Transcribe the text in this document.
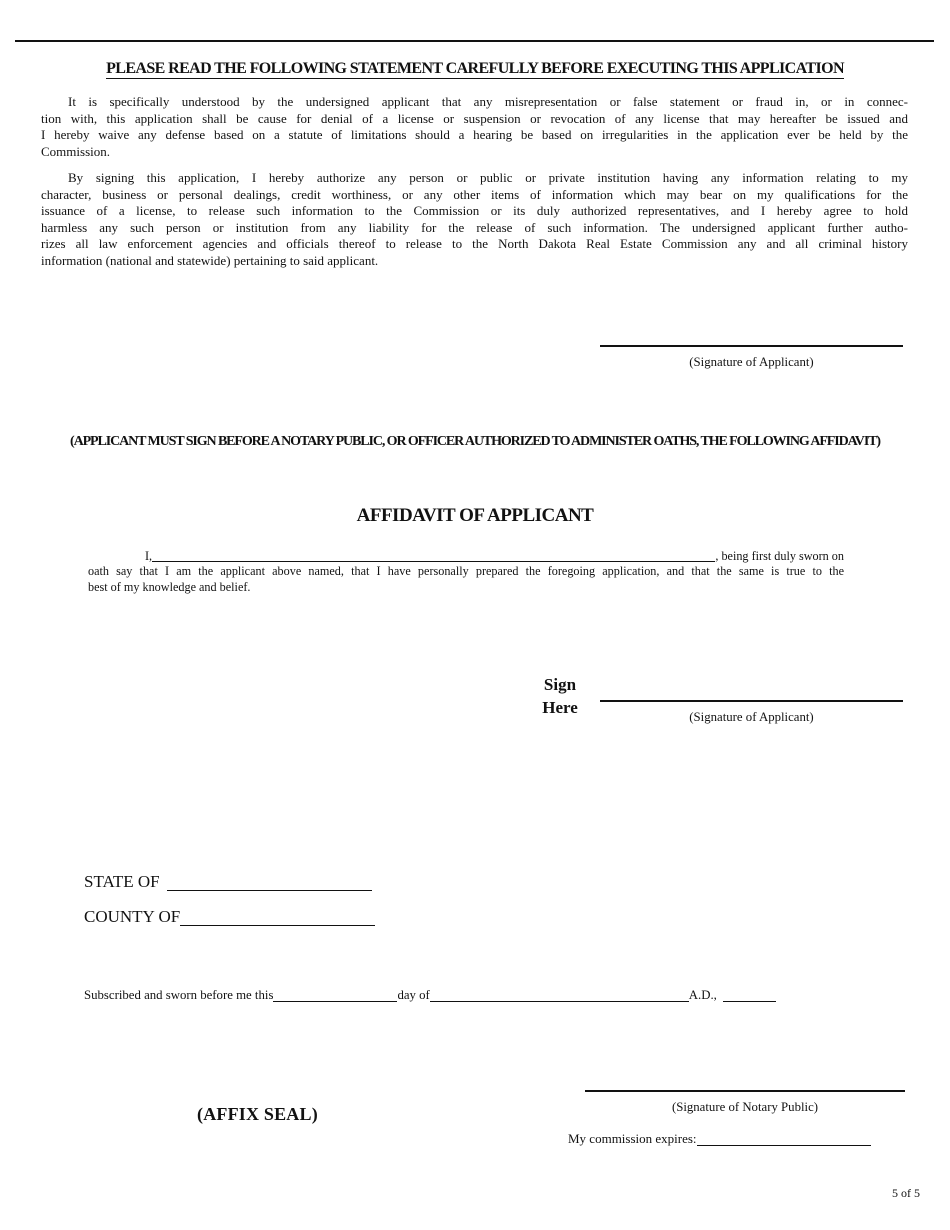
PLEASE READ THE FOLLOWING STATEMENT CAREFULLY BEFORE EXECUTING THIS APPLICATION
It is specifically understood by the undersigned applicant that any misrepresentation or false statement or fraud in, or in connec-
tion with, this application shall be cause for denial of a license or suspension or revocation of any license that may hereafter be issued and
I hereby waive any defense based on a statute of limitations should a hearing be based on irregularities in the application ever be held by the
Commission.
By signing this application, I hereby authorize any person or public or private institution having any information relating to my
character, business or personal dealings, credit worthiness, or any other items of information which may bear on my qualifications for the
issuance of a license, to release such information to the Commission or its duly authorized representatives, and I hereby agree to hold
harmless any such person or institution from any liability for the release of such information. The undersigned applicant further autho-
rizes all law enforcement agencies and officials thereof to release to the North Dakota Real Estate Commission any and all criminal history
information (national and statewide) pertaining to said applicant.
(Signature of Applicant)
(APPLICANT MUST SIGN BEFORE A NOTARY PUBLIC, OR OFFICER AUTHORIZED TO ADMINISTER OATHS, THE FOLLOWING AFFIDAVIT)
AFFIDAVIT OF APPLICANT
I,	, being first duly sworn on
oath say that I am the applicant above named, that I have personally prepared the foregoing application, and that the same is true to the
best of my knowledge and belief.
Sign
Here	(Signature of Applicant)
STATE OF
COUNTY OF
Subscribed and sworn before me this	day of	A.D.,
(AFFIX SEAL)	(Signature of Notary Public)
My commission expires:
5 of 5
